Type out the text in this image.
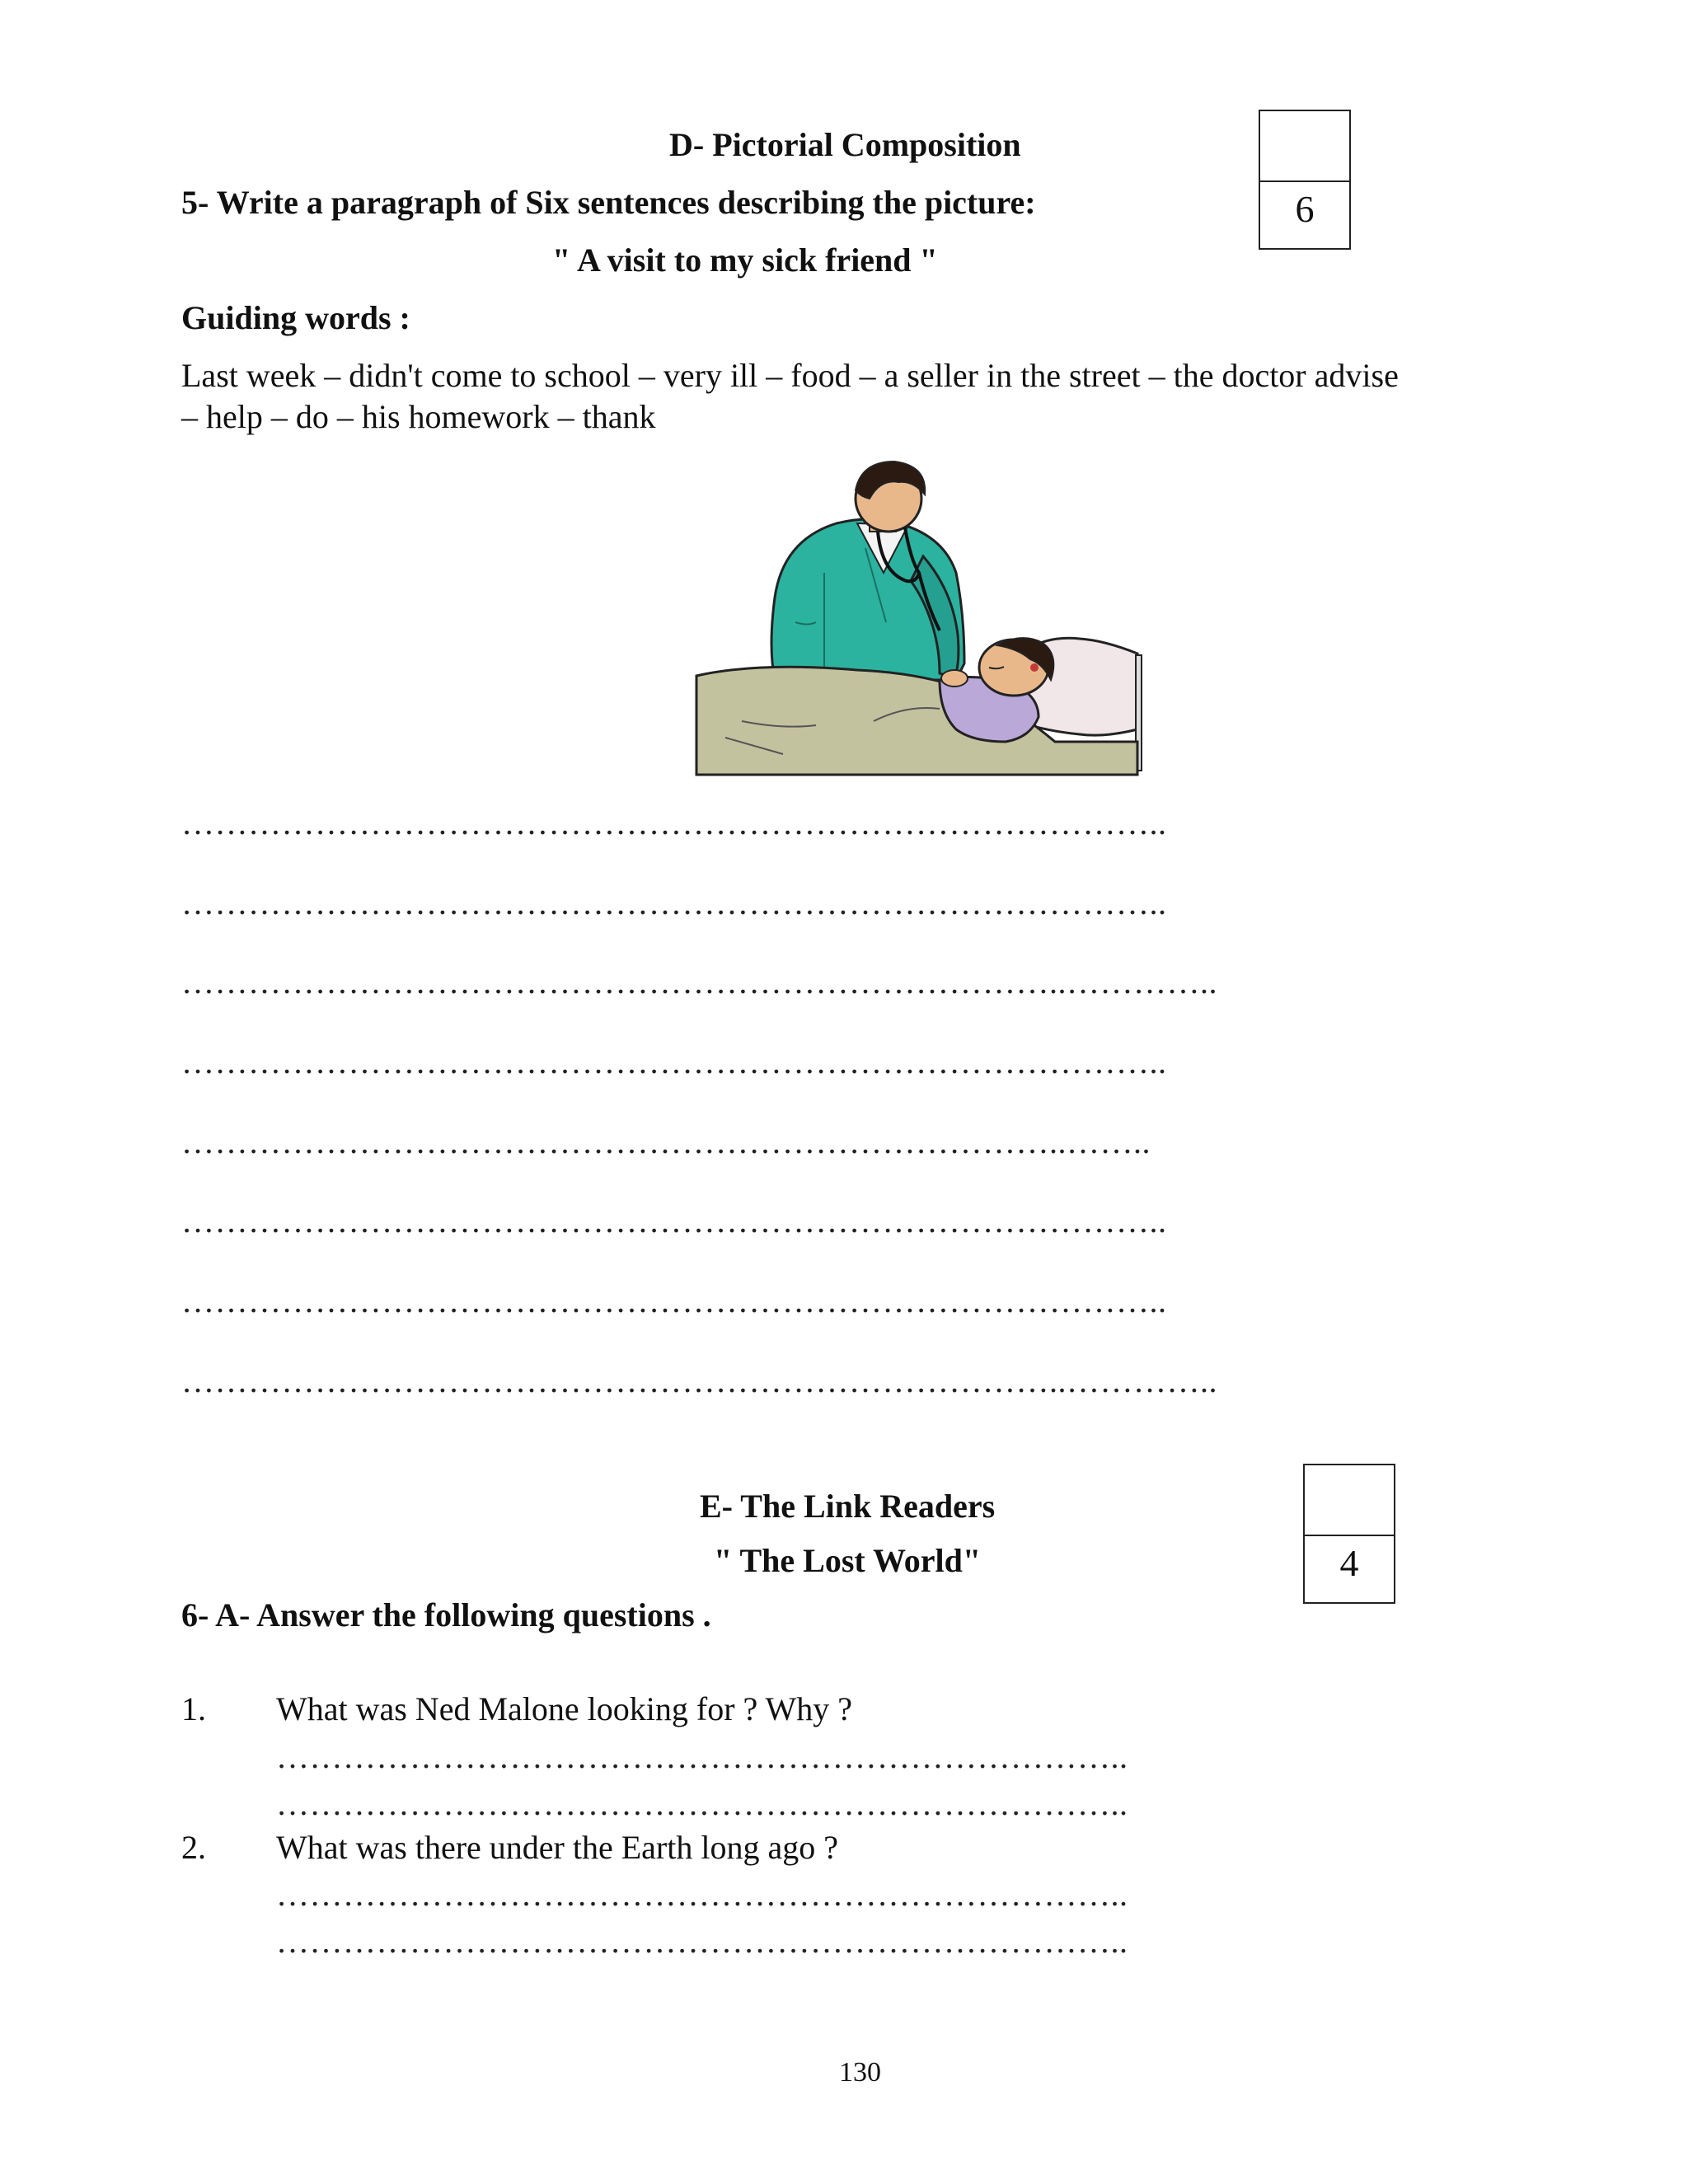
D- Pictorial Composition
6
5- Write a paragraph of Six sentences describing the picture:
" A visit to my sick friend "
Guiding words :
Last week – didn't come to school – very ill – food – a seller in the street – the doctor advise
– help – do – his homework – thank
……………………………………………………………………………..
……………………………………………………………………………..
……………………………………………………………………..…………..
……………………………………………………………………………..
……………………………………………………………………..……..
……………………………………………………………………………..
……………………………………………………………………………..
……………………………………………………………………..…………..
E- The Link Readers
4
" The Lost World"
6- A- Answer the following questions .
1. What was Ned Malone looking for ? Why ?
…………………………………………………………………..
…………………………………………………………………..
2. What was there under the Earth long ago ?
…………………………………………………………………..
…………………………………………………………………..
130
